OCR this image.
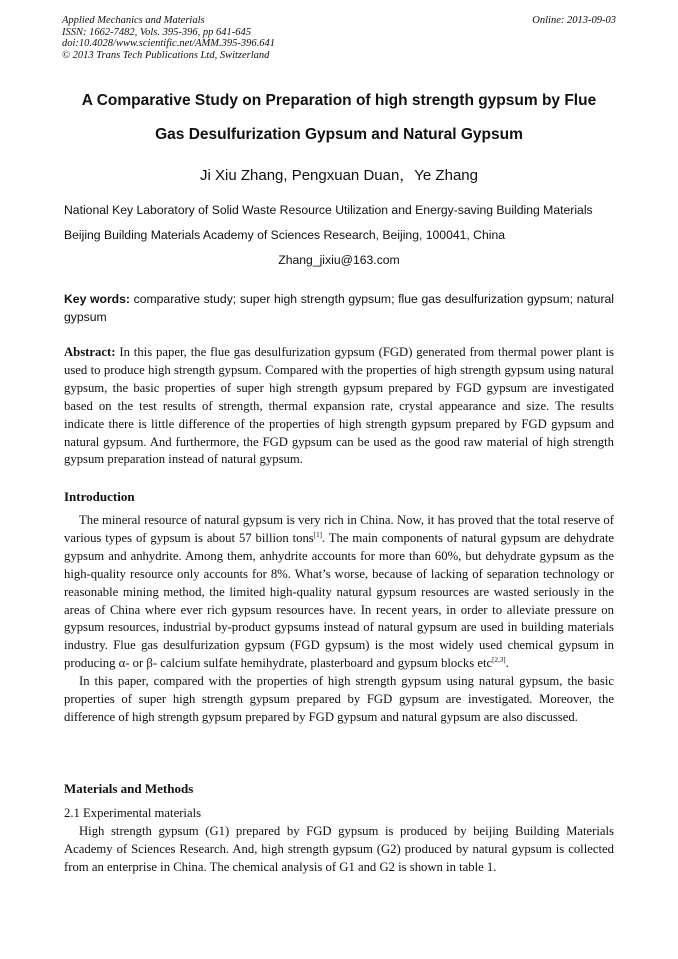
Applied Mechanics and Materials
ISSN: 1662-7482, Vols. 395-396, pp 641-645
doi:10.4028/www.scientific.net/AMM.395-396.641
© 2013 Trans Tech Publications Ltd, Switzerland
Online: 2013-09-03
A Comparative Study on Preparation of high strength gypsum by Flue
Gas Desulfurization Gypsum and Natural Gypsum
Ji Xiu Zhang, Pengxuan Duan，Ye Zhang
National Key Laboratory of Solid Waste Resource Utilization and Energy-saving Building Materials
Beijing Building Materials Academy of Sciences Research, Beijing, 100041, China
Zhang_jixiu@163.com
Key words: comparative study; super high strength gypsum; flue gas desulfurization gypsum; natural gypsum
Abstract: In this paper, the flue gas desulfurization gypsum (FGD) generated from thermal power plant is used to produce high strength gypsum. Compared with the properties of high strength gypsum using natural gypsum, the basic properties of super high strength gypsum prepared by FGD gypsum are investigated based on the test results of strength, thermal expansion rate, crystal appearance and size. The results indicate there is little difference of the properties of high strength gypsum prepared by FGD gypsum and natural gypsum. And furthermore, the FGD gypsum can be used as the good raw material of high strength gypsum preparation instead of natural gypsum.
Introduction

The mineral resource of natural gypsum is very rich in China. Now, it has proved that the total reserve of various types of gypsum is about 57 billion tons[1]. The main components of natural gypsum are dehydrate gypsum and anhydrite. Among them, anhydrite accounts for more than 60%, but dehydrate gypsum as the high-quality resource only accounts for 8%. What’s worse, because of lacking of separation technology or reasonable mining method, the limited high-quality natural gypsum resources are wasted seriously in the areas of China where ever rich gypsum resources have. In recent years, in order to alleviate pressure on gypsum resources, industrial by-product gypsums instead of natural gypsum are used in building materials industry. Flue gas desulfurization gypsum (FGD gypsum) is the most widely used chemical gypsum in producing α- or β- calcium sulfate hemihydrate, plasterboard and gypsum blocks etc[2,3].

In this paper, compared with the properties of high strength gypsum using natural gypsum, the basic properties of super high strength gypsum prepared by FGD gypsum are investigated. Moreover, the difference of high strength gypsum prepared by FGD gypsum and natural gypsum are also discussed.

Materials and Methods
2.1 Experimental materials

High strength gypsum (G1) prepared by FGD gypsum is produced by beijing Building Materials Academy of Sciences Research. And, high strength gypsum (G2) produced by natural gypsum is collected from an enterprise in China. The chemical analysis of G1 and G2 is shown in table 1.
